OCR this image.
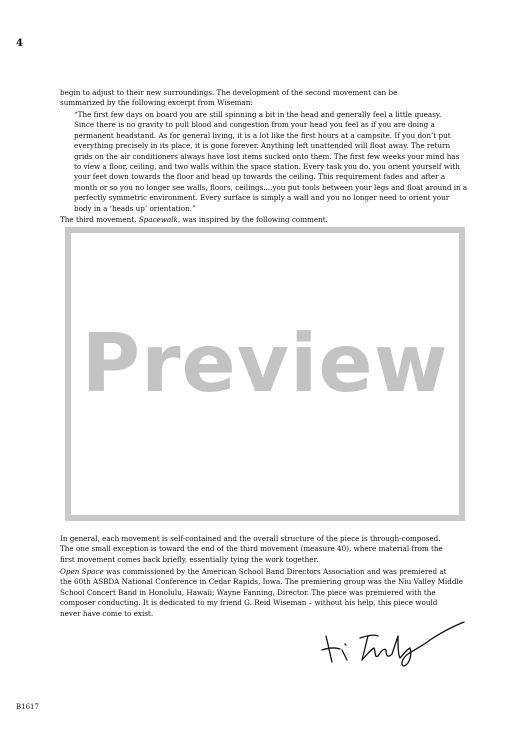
4
begin to adjust to their new surroundings. The development of the second movement can be
summarized by the following excerpt from Wiseman:
“The first few days on board you are still spinning a bit in the head and generally feel a little queasy.
Since there is no gravity to pull blood and congestion from your head you feel as if you are doing a
permanent headstand. As for general living, it is a lot like the first hours at a campsite. If you don’t put
everything precisely in its place, it is gone forever. Anything left unattended will float away. The return
grids on the air conditioners always have lost items sucked onto them. The first few weeks your mind has
to view a floor, ceiling, and two walls within the space station. Every task you do, you orient yourself with
your feet down towards the floor and head up towards the ceiling. This requirement fades and after a
month or so you no longer see walls, floors, ceilings....you put tools between your legs and float around in a
perfectly symmetric environment. Every surface is simply a wall and you no longer need to orient your
body in a ‘heads up’ orientation.”
The third movement, Spacewalk, was inspired by the following comment.
Preview
In general, each movement is self-contained and the overall structure of the piece is through-composed.
The one small exception is toward the end of the third movement (measure 40), where material from the
first movement comes back briefly, essentially tying the work together.
Open Space was commissioned by the American School Band Directors Association and was premiered at
the 60th ASBDA National Conference in Cedar Rapids, Iowa. The premiering group was the Niu Valley Middle
School Concert Band in Honolulu, Hawaii; Wayne Fanning, Director. The piece was premiered with the
composer conducting. It is dedicated to my friend G. Reid Wiseman – without his help, this piece would
never have come to exist.
B1617
